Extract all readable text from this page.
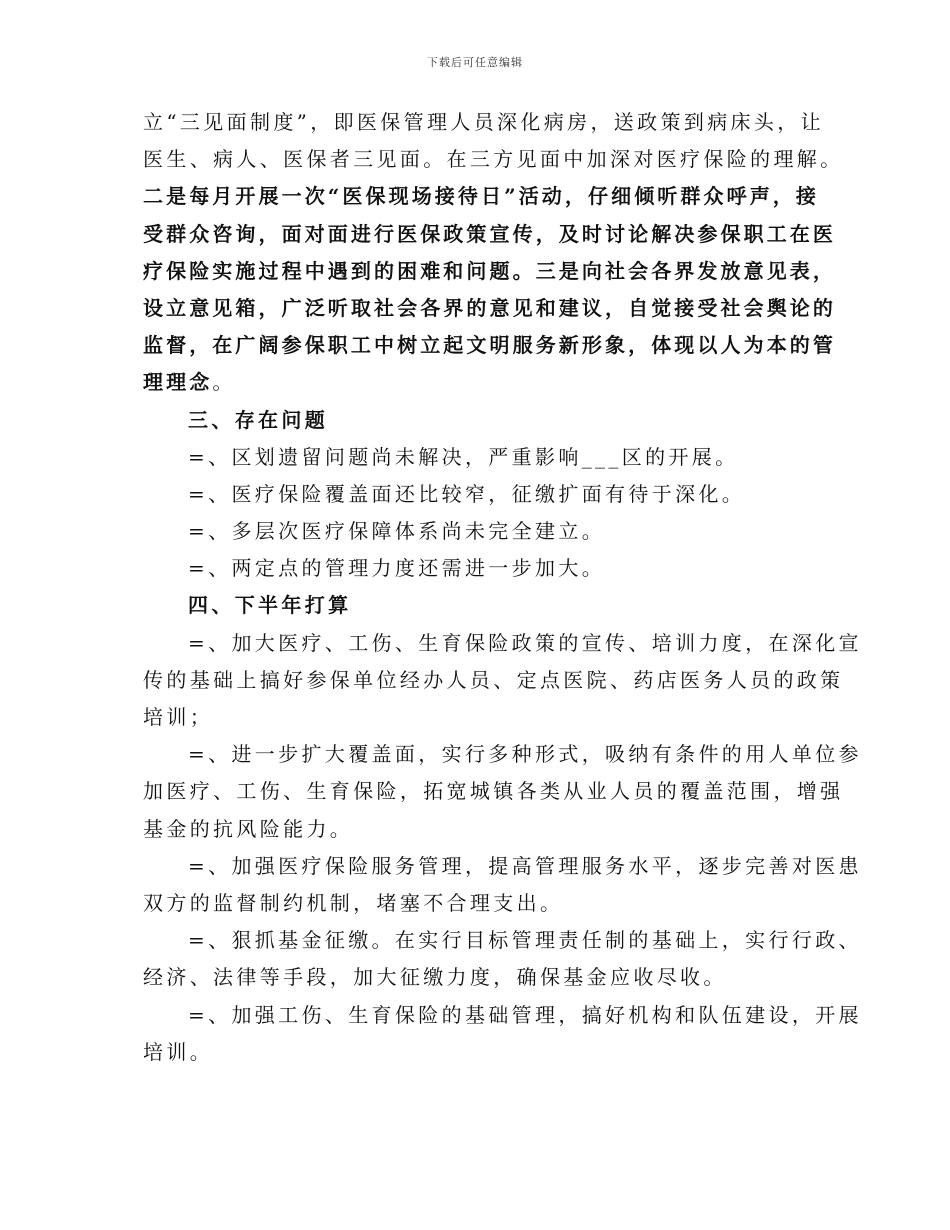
下载后可任意编辑
立“三见面制度”，即医保管理人员深化病房，送政策到病床头，让
医生、病人、医保者三见面。在三方见面中加深对医疗保险的理解。
二是每月开展一次“医保现场接待日”活动，仔细倾听群众呼声，接
受群众咨询，面对面进行医保政策宣传，及时讨论解决参保职工在医
疗保险实施过程中遇到的困难和问题。三是向社会各界发放意见表，
设立意见箱，广泛听取社会各界的意见和建议，自觉接受社会舆论的
监督，在广阔参保职工中树立起文明服务新形象，体现以人为本的管
理理念。
三、存在问题
=、区划遗留问题尚未解决，严重影响___区的开展。
=、医疗保险覆盖面还比较窄，征缴扩面有待于深化。
=、多层次医疗保障体系尚未完全建立。
=、两定点的管理力度还需进一步加大。
四、下半年打算
=、加大医疗、工伤、生育保险政策的宣传、培训力度，在深化宣
传的基础上搞好参保单位经办人员、定点医院、药店医务人员的政策
培训；
=、进一步扩大覆盖面，实行多种形式，吸纳有条件的用人单位参
加医疗、工伤、生育保险，拓宽城镇各类从业人员的覆盖范围，增强
基金的抗风险能力。
=、加强医疗保险服务管理，提高管理服务水平，逐步完善对医患
双方的监督制约机制，堵塞不合理支出。
=、狠抓基金征缴。在实行目标管理责任制的基础上，实行行政、
经济、法律等手段，加大征缴力度，确保基金应收尽收。
=、加强工伤、生育保险的基础管理，搞好机构和队伍建设，开展
培训。
